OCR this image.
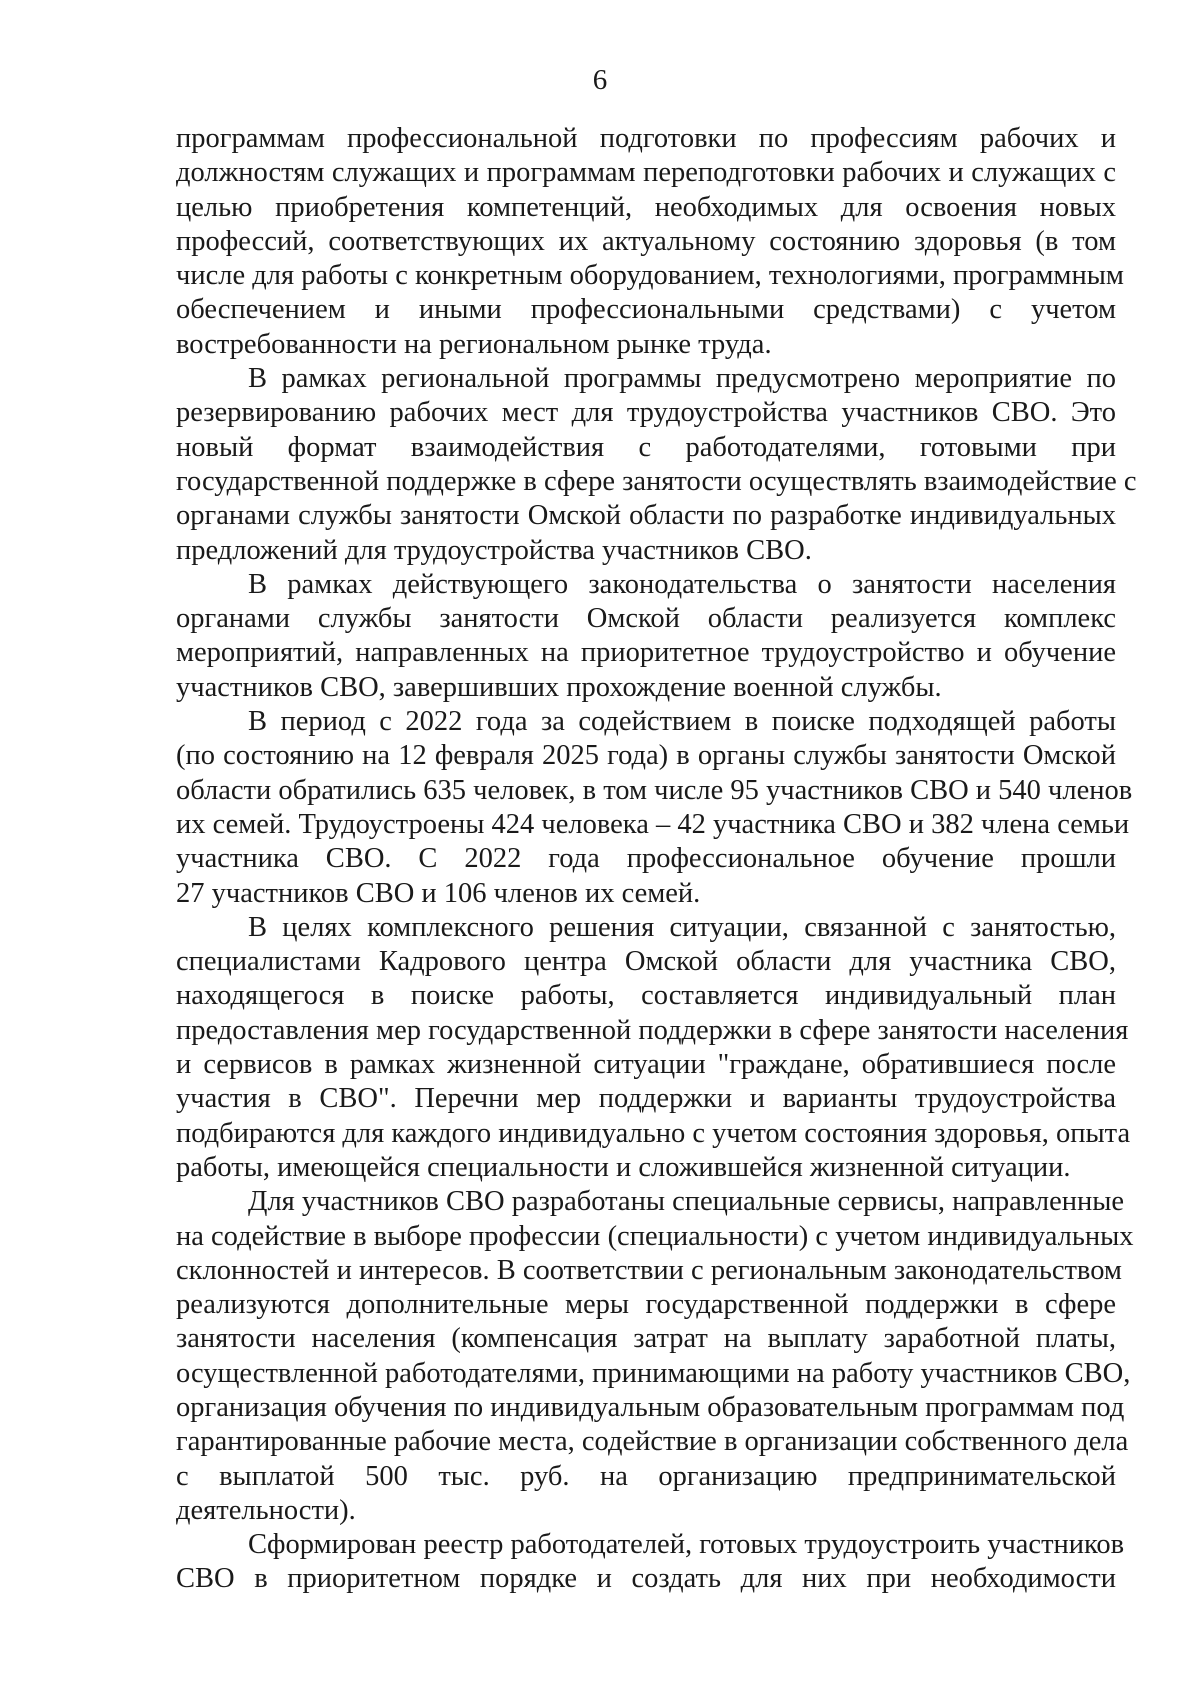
6
программам профессиональной подготовки по профессиям рабочих и
должностям служащих и программам переподготовки рабочих и служащих с
целью приобретения компетенций, необходимых для освоения новых
профессий, соответствующих их актуальному состоянию здоровья (в том
числе для работы с конкретным оборудованием, технологиями, программным
обеспечением и иными профессиональными средствами) с учетом
востребованности на региональном рынке труда.
В рамках региональной программы предусмотрено мероприятие по
резервированию рабочих мест для трудоустройства участников СВО. Это
новый формат взаимодействия с работодателями, готовыми при
государственной поддержке в сфере занятости осуществлять взаимодействие с
органами службы занятости Омской области по разработке индивидуальных
предложений для трудоустройства участников СВО.
В рамках действующего законодательства о занятости населения
органами службы занятости Омской области реализуется комплекс
мероприятий, направленных на приоритетное трудоустройство и обучение
участников СВО, завершивших прохождение военной службы.
В период с 2022 года за содействием в поиске подходящей работы
(по состоянию на 12 февраля 2025 года) в органы службы занятости Омской
области обратились 635 человек, в том числе 95 участников СВО и 540 членов
их семей. Трудоустроены 424 человека – 42 участника СВО и 382 члена семьи
участника СВО. С 2022 года профессиональное обучение прошли
27 участников СВО и 106 членов их семей.
В целях комплексного решения ситуации, связанной с занятостью,
специалистами Кадрового центра Омской области для участника СВО,
находящегося в поиске работы, составляется индивидуальный план
предоставления мер государственной поддержки в сфере занятости населения
и сервисов в рамках жизненной ситуации "граждане, обратившиеся после
участия в СВО". Перечни мер поддержки и варианты трудоустройства
подбираются для каждого индивидуально с учетом состояния здоровья, опыта
работы, имеющейся специальности и сложившейся жизненной ситуации.
Для участников СВО разработаны специальные сервисы, направленные
на содействие в выборе профессии (специальности) с учетом индивидуальных
склонностей и интересов. В соответствии с региональным законодательством
реализуются дополнительные меры государственной поддержки в сфере
занятости населения (компенсация затрат на выплату заработной платы,
осуществленной работодателями, принимающими на работу участников СВО,
организация обучения по индивидуальным образовательным программам под
гарантированные рабочие места, содействие в организации собственного дела
с выплатой 500 тыс. руб. на организацию предпринимательской
деятельности).
Сформирован реестр работодателей, готовых трудоустроить участников
СВО в приоритетном порядке и создать для них при необходимости
